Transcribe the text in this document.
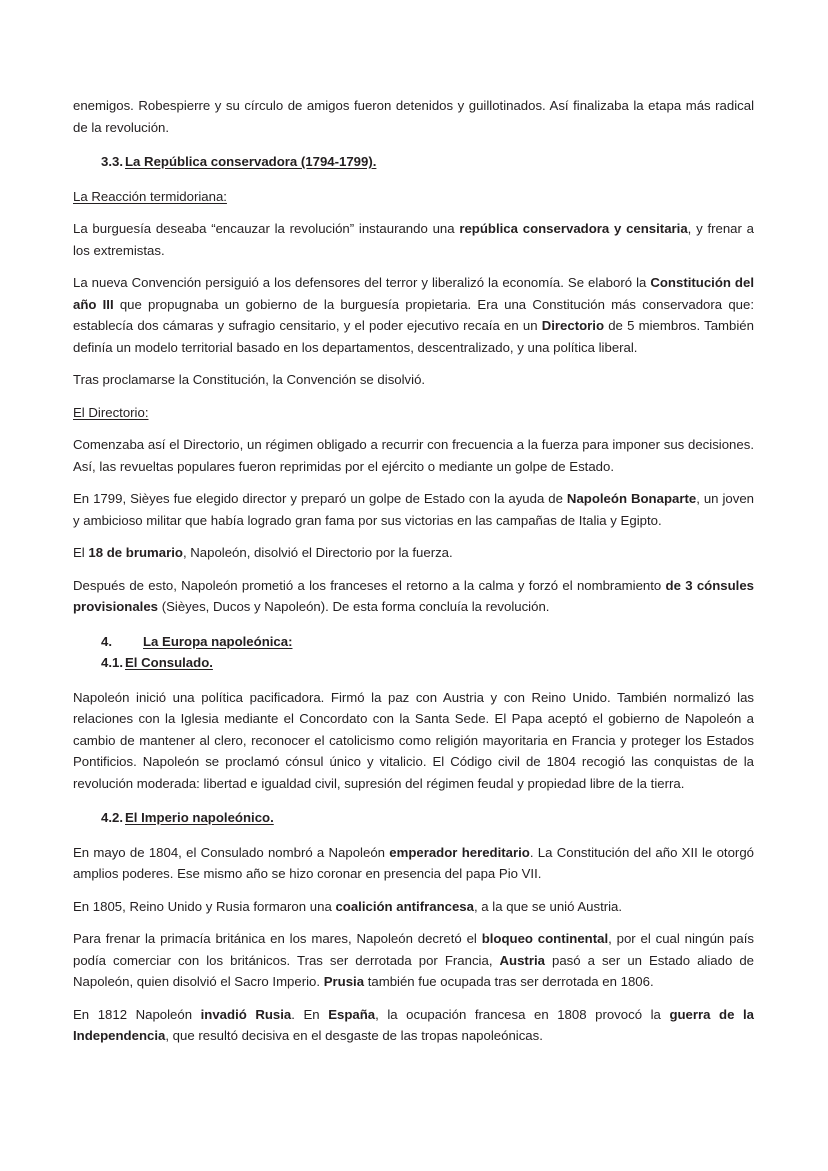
enemigos. Robespierre y su círculo de amigos fueron detenidos y guillotinados. Así finalizaba la etapa más radical de la revolución.

3.3. La República conservadora (1794-1799).

La Reacción termidoriana:

La burguesía deseaba “encauzar la revolución” instaurando una república conservadora y censitaria, y frenar a los extremistas.

La nueva Convención persiguió a los defensores del terror y liberalizó la economía. Se elaboró la Constitución del año III que propugnaba un gobierno de la burguesía propietaria. Era una Constitución más conservadora que: establecía dos cámaras y sufragio censitario, y el poder ejecutivo recaía en un Directorio de 5 miembros. También definía un modelo territorial basado en los departamentos, descentralizado, y una política liberal.

Tras proclamarse la Constitución, la Convención se disolvió.

El Directorio:

Comenzaba así el Directorio, un régimen obligado a recurrir con frecuencia a la fuerza para imponer sus decisiones. Así, las revueltas populares fueron reprimidas por el ejército o mediante un golpe de Estado.

En 1799, Sièyes fue elegido director y preparó un golpe de Estado con la ayuda de Napoleón Bonaparte, un joven y ambicioso militar que había logrado gran fama por sus victorias en las campañas de Italia y Egipto.

El 18 de brumario, Napoleón, disolvió el Directorio por la fuerza.

Después de esto, Napoleón prometió a los franceses el retorno a la calma y forzó el nombramiento de 3 cónsules provisionales (Sièyes, Ducos y Napoleón). De esta forma concluía la revolución.

4.	La Europa napoleónica:
4.1. El Consulado.

Napoleón inició una política pacificadora. Firmó la paz con Austria y con Reino Unido. También normalizó las relaciones con la Iglesia mediante el Concordato con la Santa Sede. El Papa aceptó el gobierno de Napoleón a cambio de mantener al clero, reconocer el catolicismo como religión mayoritaria en Francia y proteger los Estados Pontificios. Napoleón se proclamó cónsul único y vitalicio. El Código civil de 1804 recogió las conquistas de la revolución moderada: libertad e igualdad civil, supresión del régimen feudal y propiedad libre de la tierra.

4.2. El Imperio napoleónico.

En mayo de 1804, el Consulado nombró a Napoleón emperador hereditario. La Constitución del año XII le otorgó amplios poderes. Ese mismo año se hizo coronar en presencia del papa Pio VII.

En 1805, Reino Unido y Rusia formaron una coalición antifrancesa, a la que se unió Austria.

Para frenar la primacía británica en los mares, Napoleón decretó el bloqueo continental, por el cual ningún país podía comerciar con los británicos. Tras ser derrotada por Francia, Austria pasó a ser un Estado aliado de Napoleón, quien disolvió el Sacro Imperio. Prusia también fue ocupada tras ser derrotada en 1806.

En 1812 Napoleón invadió Rusia. En España, la ocupación francesa en 1808 provocó la guerra de la Independencia, que resultó decisiva en el desgaste de las tropas napoleónicas.
